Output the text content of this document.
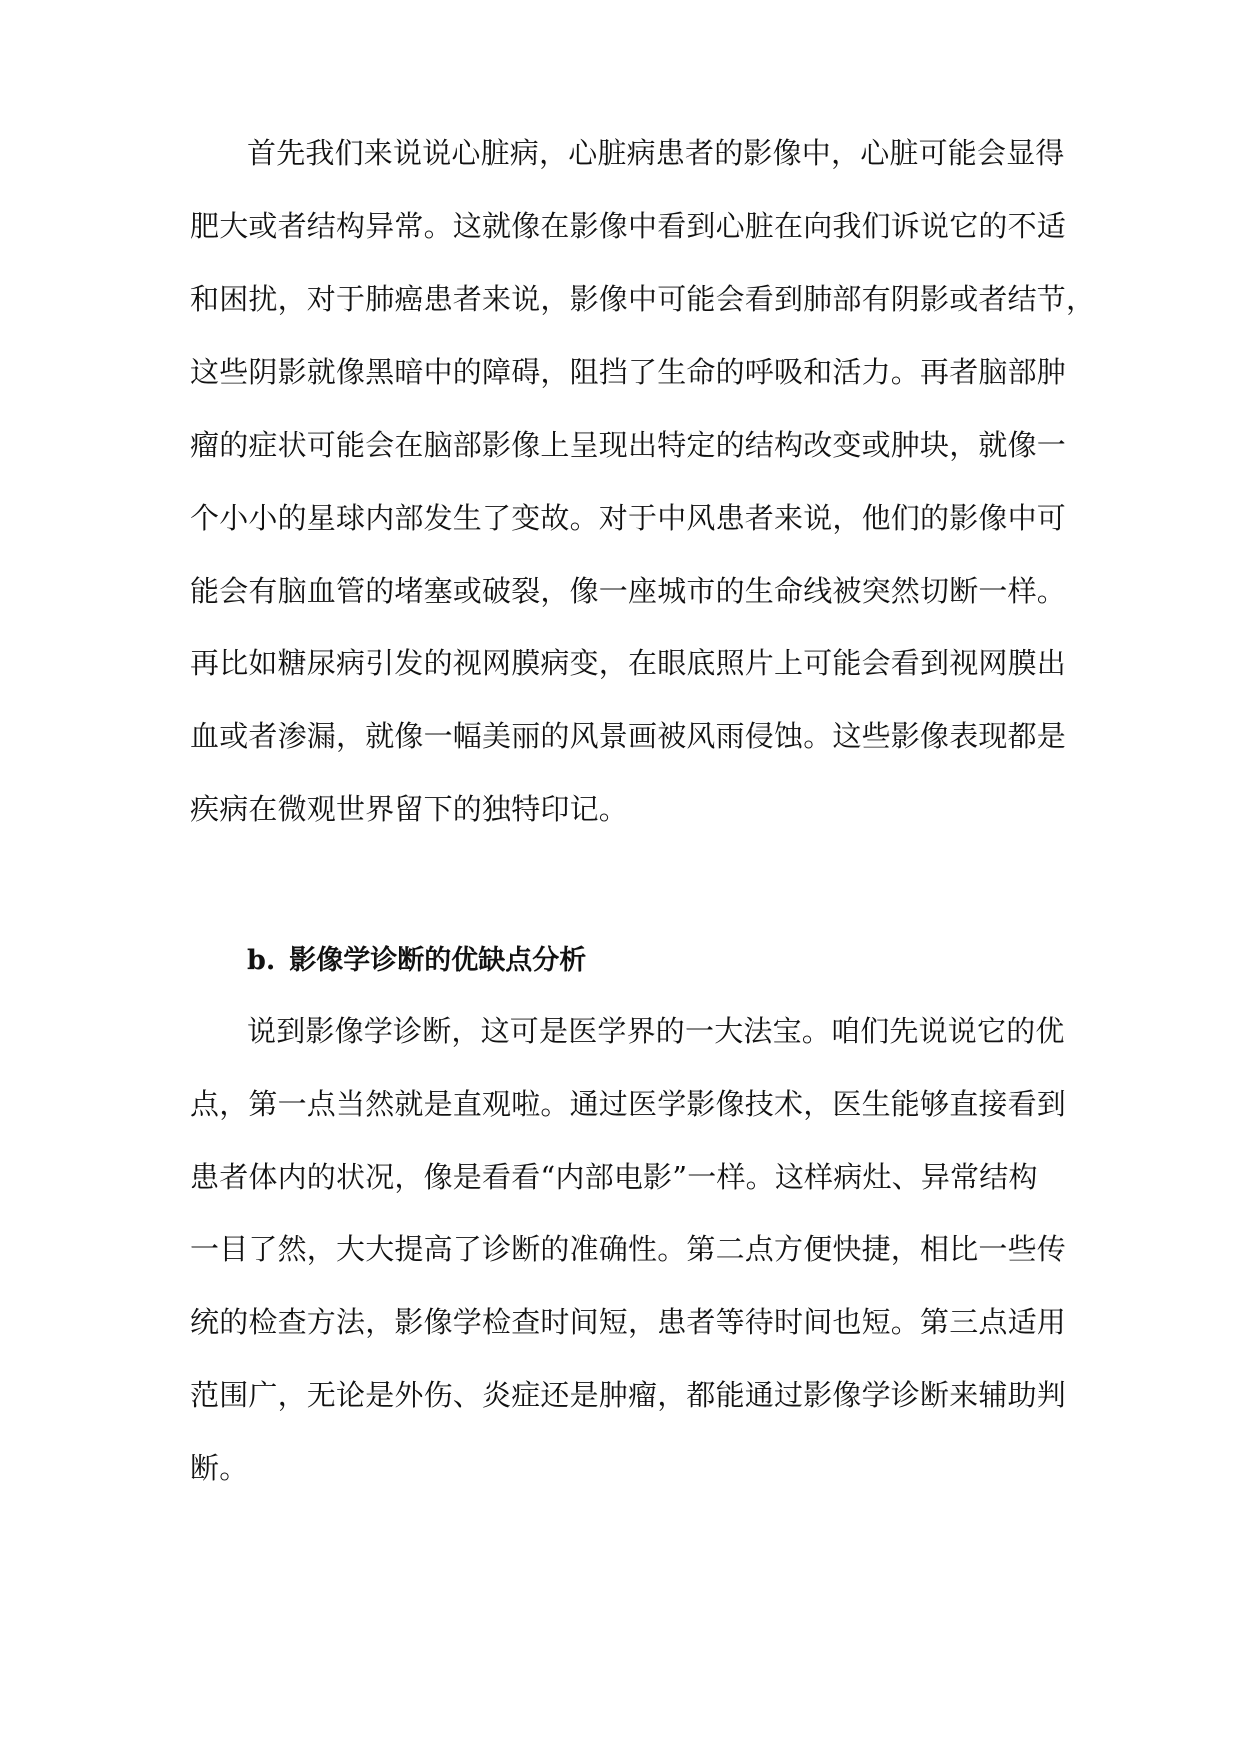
首先我们来说说心脏病，心脏病患者的影像中，心脏可能会显得
肥大或者结构异常。这就像在影像中看到心脏在向我们诉说它的不适
和困扰，对于肺癌患者来说，影像中可能会看到肺部有阴影或者结节，
这些阴影就像黑暗中的障碍，阻挡了生命的呼吸和活力。再者脑部肿
瘤的症状可能会在脑部影像上呈现出特定的结构改变或肿块，就像一
个小小的星球内部发生了变故。对于中风患者来说，他们的影像中可
能会有脑血管的堵塞或破裂，像一座城市的生命线被突然切断一样。
再比如糖尿病引发的视网膜病变，在眼底照片上可能会看到视网膜出
血或者渗漏，就像一幅美丽的风景画被风雨侵蚀。这些影像表现都是
疾病在微观世界留下的独特印记。
b. 影像学诊断的优缺点分析
说到影像学诊断，这可是医学界的一大法宝。咱们先说说它的优
点，第一点当然就是直观啦。通过医学影像技术，医生能够直接看到
患者体内的状况，像是看看“内部电影”一样。这样病灶、异常结构
一目了然，大大提高了诊断的准确性。第二点方便快捷，相比一些传
统的检查方法，影像学检查时间短，患者等待时间也短。第三点适用
范围广，无论是外伤、炎症还是肿瘤，都能通过影像学诊断来辅助判
断。
